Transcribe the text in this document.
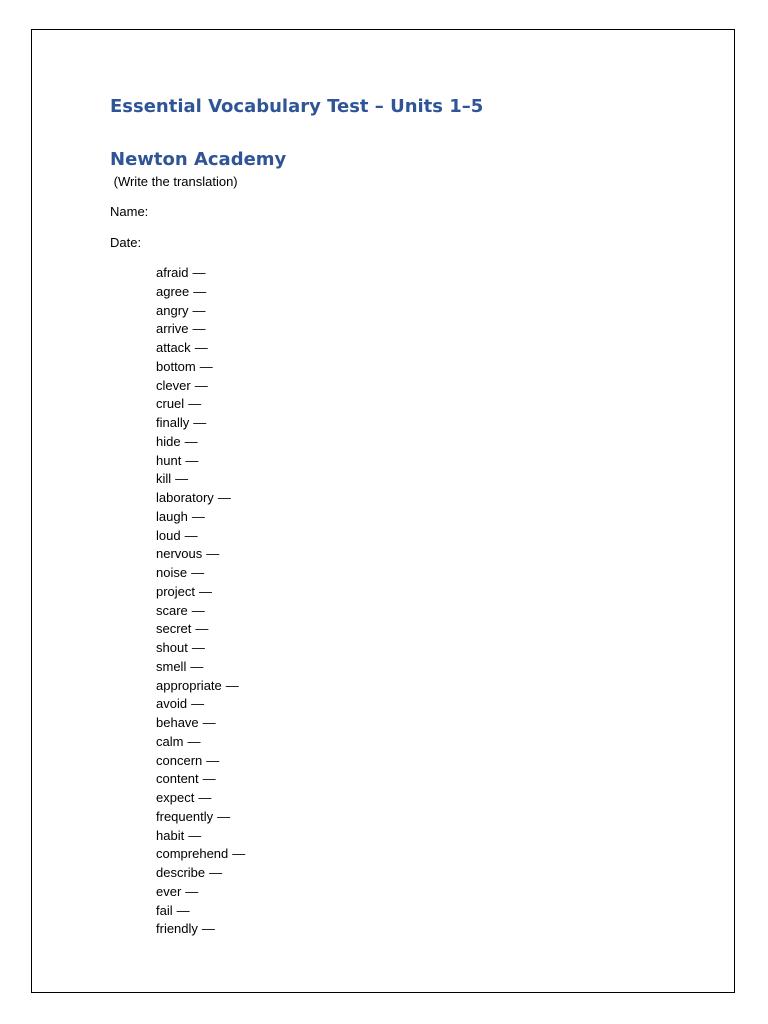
Essential Vocabulary Test – Units 1–5
Newton Academy

(Write the translation)

Name:

Date:

afraid —
agree —
angry —
arrive —
attack —
bottom —
clever —
cruel —
finally —
hide —
hunt —
kill —
laboratory —
laugh —
loud —
nervous —
noise —
project —
scare —
secret —
shout —
smell —
appropriate —
avoid —
behave —
calm —
concern —
content —
expect —
frequently —
habit —
comprehend —
describe —
ever —
fail —
friendly —
